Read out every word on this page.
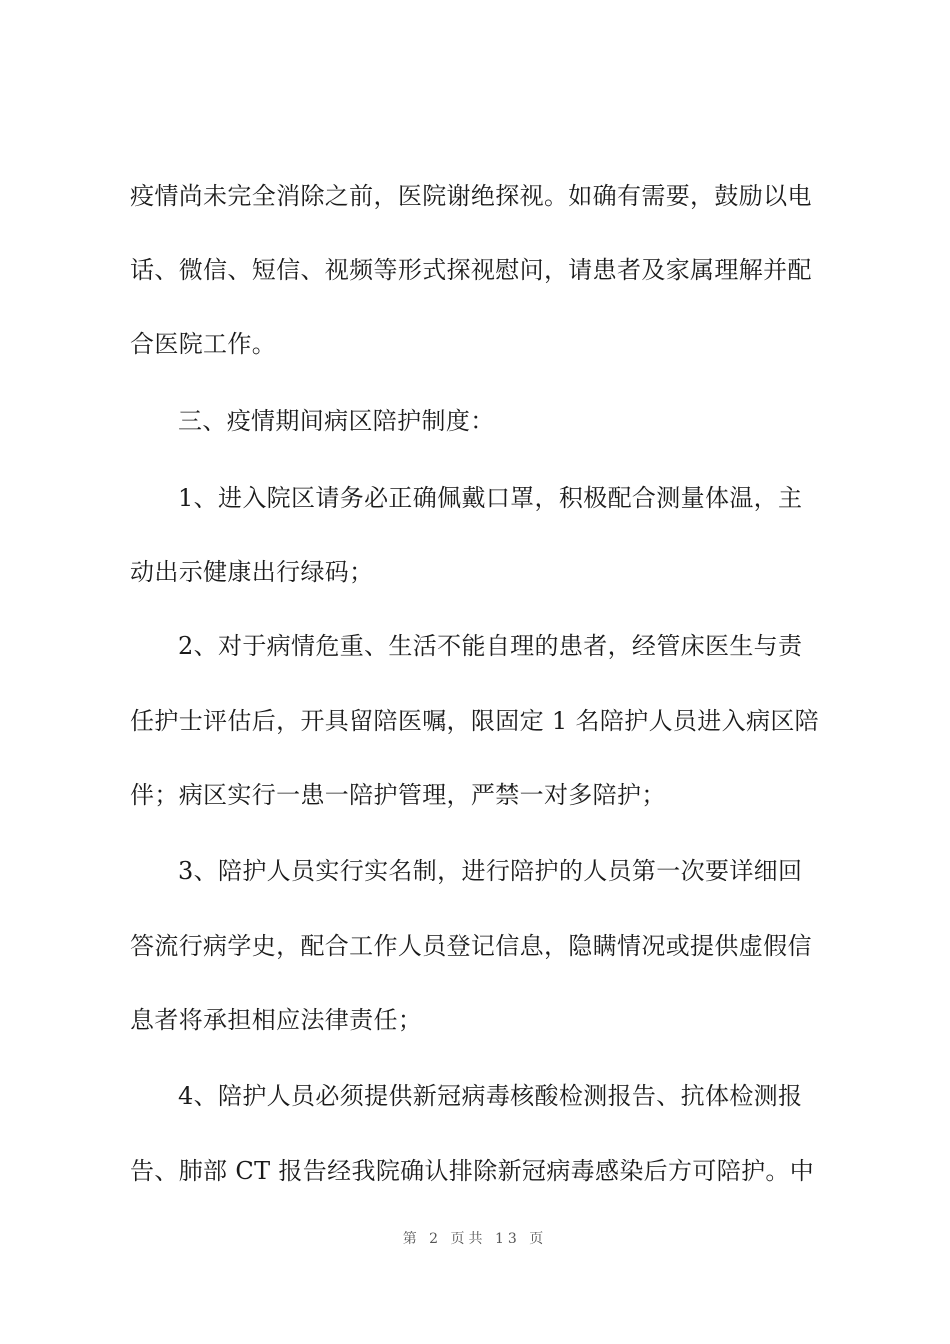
疫情尚未完全消除之前，医院谢绝探视。如确有需要，鼓励以电
话、微信、短信、视频等形式探视慰问，请患者及家属理解并配
合医院工作。
三、疫情期间病区陪护制度：
1、进入院区请务必正确佩戴口罩，积极配合测量体温，主
动出示健康出行绿码；
2、对于病情危重、生活不能自理的患者，经管床医生与责
任护士评估后，开具留陪医嘱，限固定 1 名陪护人员进入病区陪
伴；病区实行一患一陪护管理，严禁一对多陪护；
3、陪护人员实行实名制，进行陪护的人员第一次要详细回
答流行病学史，配合工作人员登记信息，隐瞒情况或提供虚假信
息者将承担相应法律责任；
4、陪护人员必须提供新冠病毒核酸检测报告、抗体检测报
告、肺部 CT 报告经我院确认排除新冠病毒感染后方可陪护。中
第 2 页共 13 页
